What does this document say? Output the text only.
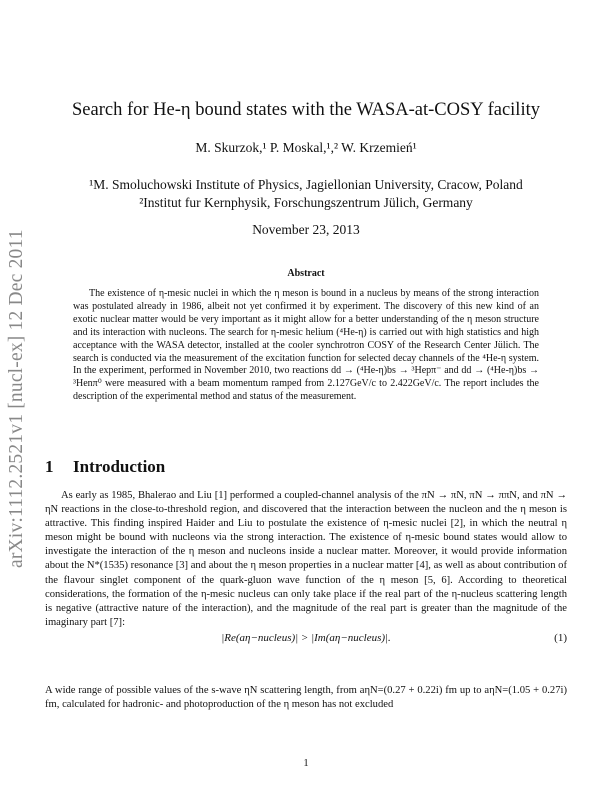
arXiv:1112.2521v1 [nucl-ex] 12 Dec 2011
Search for He-η bound states with the WASA-at-COSY facility
M. Skurzok,¹ P. Moskal,¹,² W. Krzemień¹
¹M. Smoluchowski Institute of Physics, Jagiellonian University, Cracow, Poland
²Institut fur Kernphysik, Forschungszentrum Jülich, Germany
November 23, 2013
Abstract
The existence of η-mesic nuclei in which the η meson is bound in a nucleus by means of the strong interaction was postulated already in 1986, albeit not yet confirmed it by experiment. The discovery of this new kind of an exotic nuclear matter would be very important as it might allow for a better understanding of the η meson structure and its interaction with nucleons. The search for η-mesic helium (⁴He-η) is carried out with high statistics and high acceptance with the WASA detector, installed at the cooler synchrotron COSY of the Research Center Jülich. The search is conducted via the measurement of the excitation function for selected decay channels of the ⁴He-η system. In the experiment, performed in November 2010, two reactions dd → (⁴He-η)bs → ³Hepπ⁻ and dd → (⁴He-η)bs → ³Henπ⁰ were measured with a beam momentum ramped from 2.127GeV/c to 2.422GeV/c. The report includes the description of the experimental method and status of the measurement.
1 Introduction
As early as 1985, Bhalerao and Liu [1] performed a coupled-channel analysis of the πN → πN, πN → ππN, and πN → ηN reactions in the close-to-threshold region, and discovered that the interaction between the nucleon and the η meson is attractive. This finding inspired Haider and Liu to postulate the existence of η-mesic nuclei [2], in which the neutral η meson might be bound with nucleons via the strong interaction. The existence of η-mesic bound states would allow to investigate the interaction of the η meson and nucleons inside a nuclear matter. Moreover, it would provide information about the N*(1535) resonance [3] and about the η meson properties in a nuclear matter [4], as well as about contribution of the flavour singlet component of the quark-gluon wave function of the η meson [5, 6]. According to theoretical considerations, the formation of the η-mesic nucleus can only take place if the real part of the η-nucleus scattering length is negative (attractive nature of the interaction), and the magnitude of the real part is greater than the magnitude of the imaginary part [7]:
|Re(aη−nucleus)| > |Im(aη−nucleus)|.	(1)
A wide range of possible values of the s-wave ηN scattering length, from aηN=(0.27 + 0.22i) fm up to aηN=(1.05 + 0.27i) fm, calculated for hadronic- and photoproduction of the η meson has not excluded
1
